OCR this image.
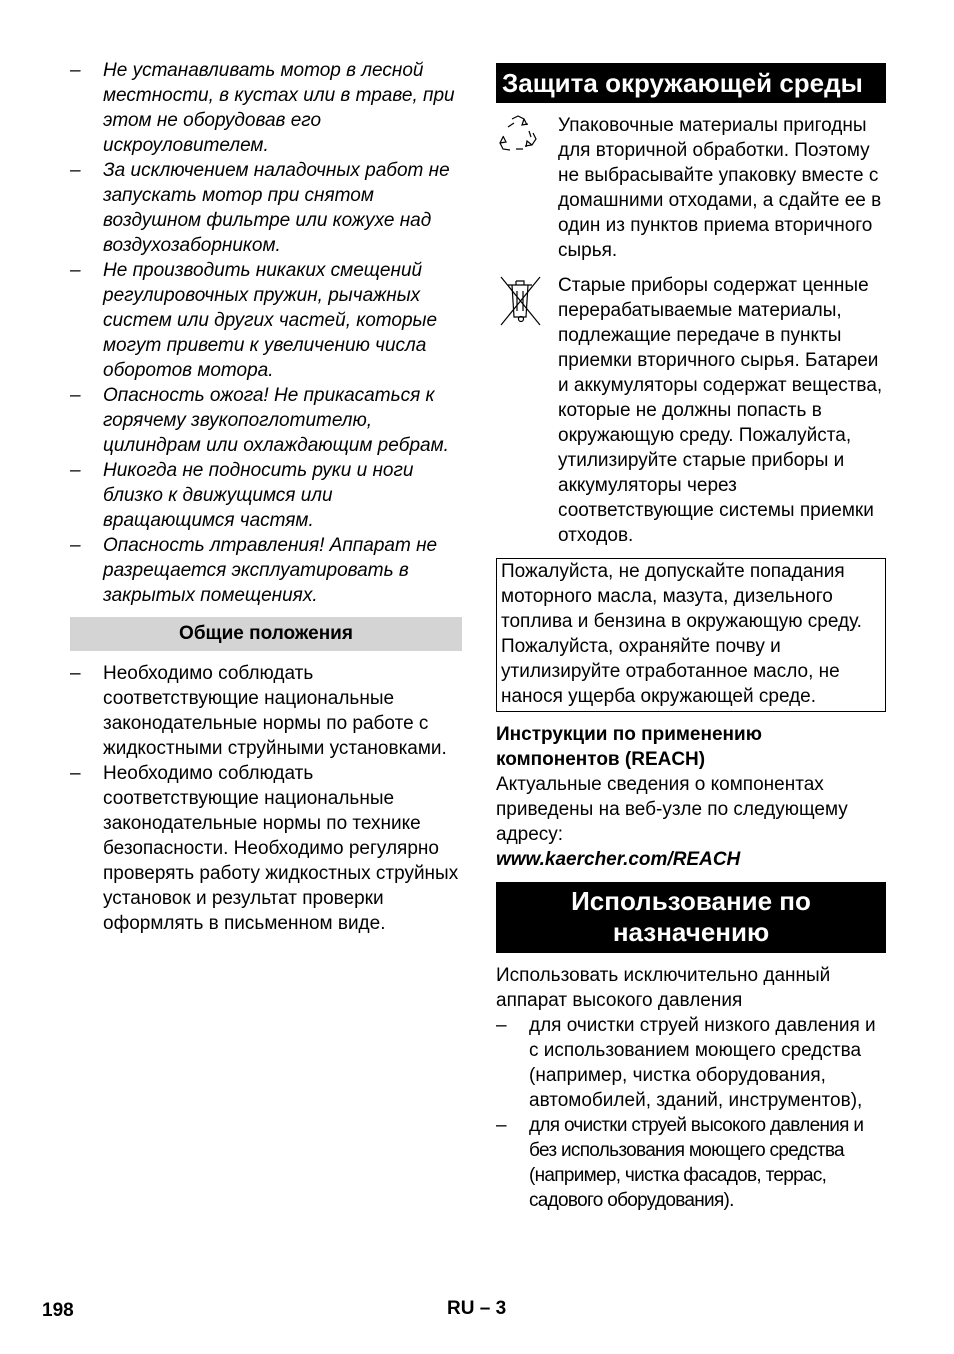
– Не устанавливать мотор в лесной местности, в кустах или в траве, при этом не оборудовав его искроуловителем.
– За исключением наладочных работ не запускать мотор при снятом воздушном фильтре или кожухе над воздухозаборником.
– Не производить никаких смещений регулировочных пружин, рычажных систем или других частей, которые могут привети к увеличению числа оборотов мотора.
– Опасность ожога! Не прикасаться к горячему звукопоглотителю, цилиндрам или охлаждающим ребрам.
– Никогда не подносить руки и ноги близко к движущимся или вращающимся частям.
– Опасность лтравления! Аппарат не разрещается эксплуатировать в закрытых помещениях.
Общие положения
– Необходимо соблюдать соответствующие национальные законодательные нормы по работе с жидкостными струйными установками.
– Необходимо соблюдать соответствующие национальные законодательные нормы по технике безопасности. Необходимо регулярно проверять работу жидкостных струйных установок и результат проверки оформлять в письменном виде.
Защита окружающей среды
Упаковочные материалы пригодны для вторичной обработки. Поэтому не выбрасывайте упаковку вместе с домашними отходами, а сдайте ее в один из пунктов приема вторичного сырья.
Старые приборы содержат ценные перерабатываемые материалы, подлежащие передаче в пункты приемки вторичного сырья. Батареи и аккумуляторы содержат вещества, которые не должны попасть в окружающую среду. Пожалуйста, утилизируйте старые приборы и аккумуляторы через соответствующие системы приемки отходов.
Пожалуйста, не допускайте попадания моторного масла, мазута, дизельного топлива и бензина в окружающую среду. Пожалуйста, охраняйте почву и утилизируйте отработанное масло, не нанося ущерба окружающей среде.
Инструкции по применению компонентов (REACH)
Актуальные сведения о компонентах приведены на веб-узле по следующему адресу:
www.kaercher.com/REACH
Использование по назначению
Использовать исключительно данный аппарат высокого давления
– для очистки струей низкого давления и с использованием моющего средства (например, чистка оборудования, автомобилей, зданий, инструментов),
– для очистки струей высокого давления и без использования моющего средства (например, чистка фасадов, террас, садового оборудования).
198	RU – 3
